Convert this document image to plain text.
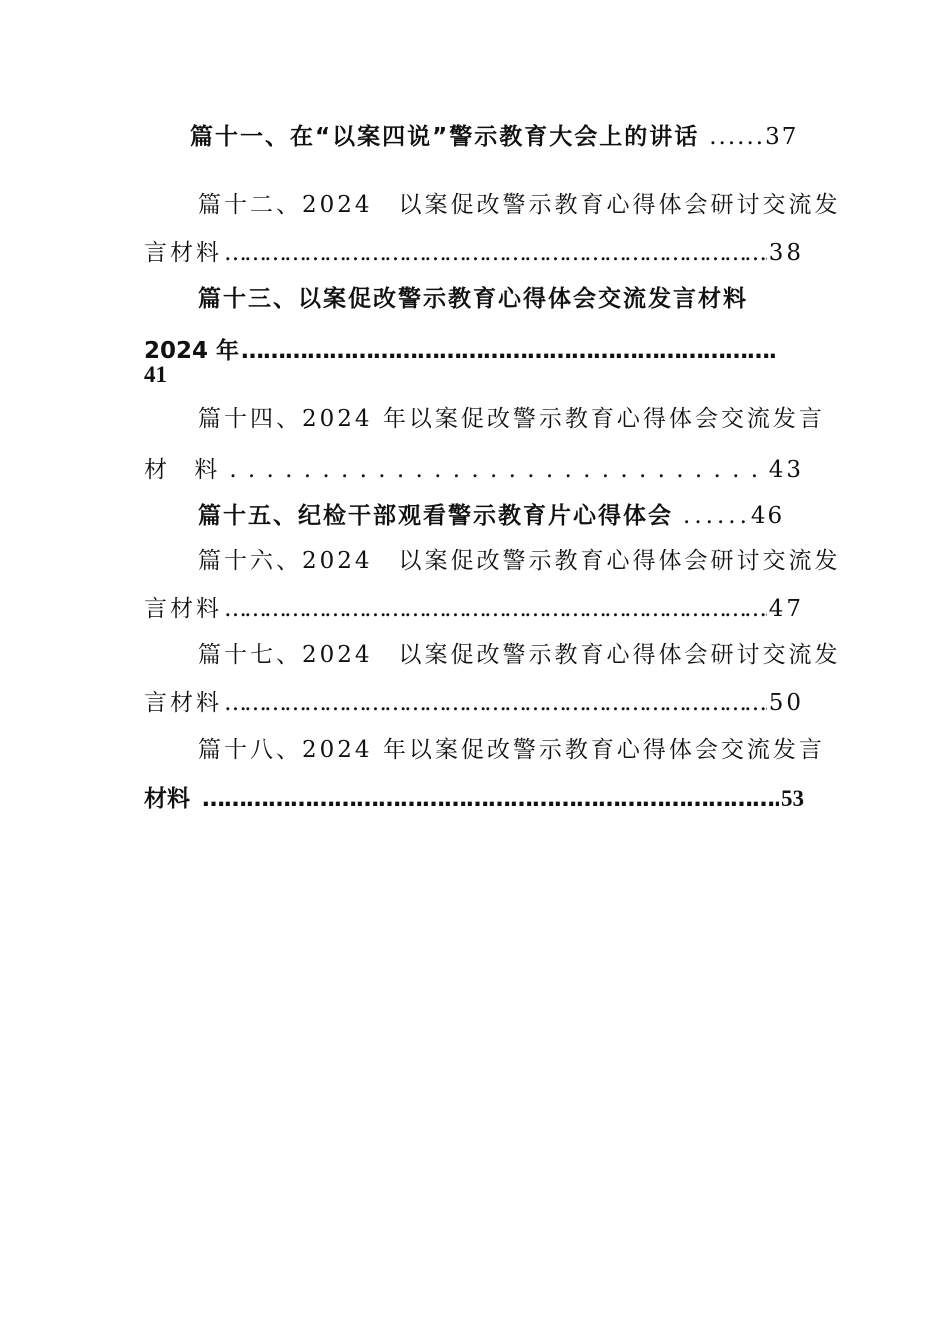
篇十一、在“以案四说”警示教育大会上的讲话 ......37
篇十二、2024　以案促改警示教育心得体会研讨交流发
言材料 ………………………………………………………………………………………………………………………………………………………………	38
篇十三、以案促改警示教育心得体会交流发言材料
2024 年
………………………………………………………………………………………………………………………………………………………………
41
篇十四、2024 年以案促改警示教育心得体会交流发言
材 料 . . .	43
篇十五、纪检干部观看警示教育片心得体会 ......46
篇十六、2024　以案促改警示教育心得体会研讨交流发
言材料 ………………………………………………………………………………………………………………………………………………………………	47
篇十七、2024　以案促改警示教育心得体会研讨交流发
言材料 ………………………………………………………………………………………………………………………………………………………………	50
篇十八、2024 年以案促改警示教育心得体会交流发言
材料 ………………………………………………………………………………………………………………………………………………………………	53
